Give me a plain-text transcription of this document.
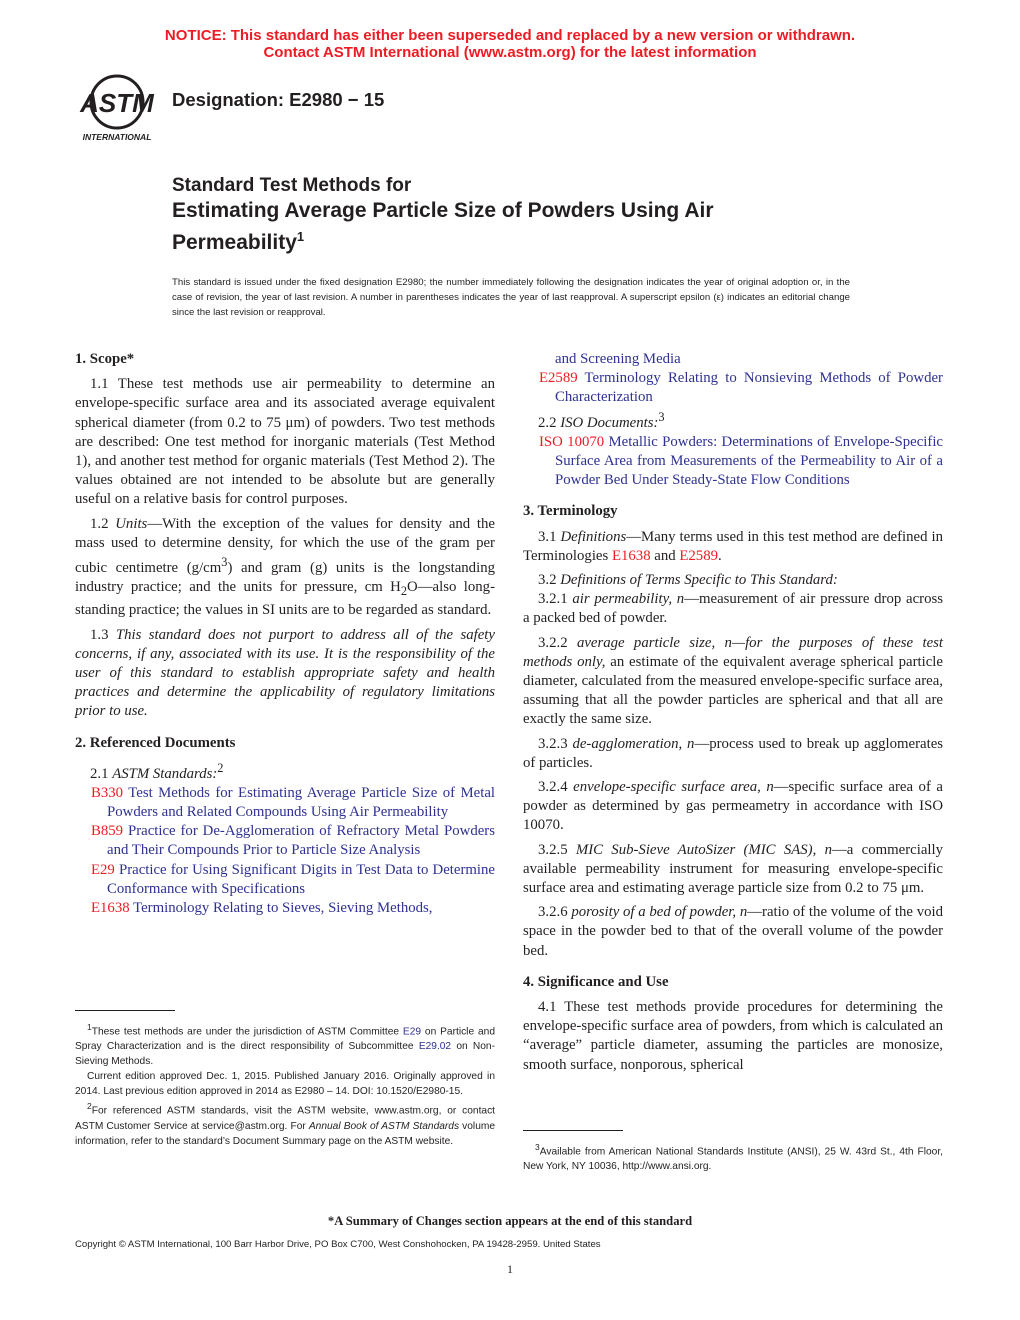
NOTICE: This standard has either been superseded and replaced by a new version or withdrawn.
Contact ASTM International (www.astm.org) for the latest information
ASTM
INTERNATIONAL
Designation: E2980 − 15
Standard Test Methods for
Estimating Average Particle Size of Powders Using Air Permeability$^1$
This standard is issued under the fixed designation E2980; the number immediately following the designation indicates the year of original adoption or, in the case of revision, the year of last revision. A number in parentheses indicates the year of last reapproval. A superscript epsilon (ε) indicates an editorial change since the last revision or reapproval.
1. Scope*

1.1 These test methods use air permeability to determine an envelope-specific surface area and its associated average equivalent spherical diameter (from 0.2 to 75 μm) of powders. Two test methods are described: One test method for inorganic materials (Test Method 1), and another test method for organic materials (Test Method 2). The values obtained are not intended to be absolute but are generally useful on a relative basis for control purposes.

1.2 Units—With the exception of the values for density and the mass used to determine density, for which the use of the gram per cubic centimetre $(g/cm^3)$ and gram (g) units is the longstanding industry practice; and the units for pressure, cm $H_2O—also$ long-standing practice; the values in SI units are to be regarded as standard.

1.3 This standard does not purport to address all of the safety concerns, if any, associated with its use. It is the responsibility of the user of this standard to establish appropriate safety and health practices and determine the applicability of regulatory limitations prior to use.

2. Referenced Documents

2.1 ASTM Standards:$^2$

B330 Test Methods for Estimating Average Particle Size of Metal Powders and Related Compounds Using Air Permeability

B859 Practice for De-Agglomeration of Refractory Metal Powders and Their Compounds Prior to Particle Size Analysis

E29 Practice for Using Significant Digits in Test Data to Determine Conformance with Specifications

E1638 Terminology Relating to Sieves, Sieving Methods,

$^1$These test methods are under the jurisdiction of ASTM Committee E29 on Particle and Spray Characterization and is the direct responsibility of Subcommittee E29.02 on Non-Sieving Methods.

Current edition approved Dec. 1, 2015. Published January 2016. Originally approved in 2014. Last previous edition approved in 2014 as E2980 – 14. DOI: 10.1520/E2980-15.

$^2$For referenced ASTM standards, visit the ASTM website, www.astm.org, or contact ASTM Customer Service at service@astm.org. For Annual Book of ASTM Standards volume information, refer to the standard’s Document Summary page on the ASTM website.

and Screening Media

E2589 Terminology Relating to Nonsieving Methods of Powder Characterization

2.2 ISO Documents:$^3$

ISO 10070 Metallic Powders: Determinations of Envelope-Specific Surface Area from Measurements of the Permeability to Air of a Powder Bed Under Steady-State Flow Conditions

3. Terminology

3.1 Definitions—Many terms used in this test method are defined in Terminologies E1638 and E2589.

3.2 Definitions of Terms Specific to This Standard:

3.2.1 air permeability, n—measurement of air pressure drop across a packed bed of powder.

3.2.2 average particle size, n—for the purposes of these test methods only, an estimate of the equivalent average spherical particle diameter, calculated from the measured envelope-specific surface area, assuming that all the powder particles are spherical and that all are exactly the same size.

3.2.3 de-agglomeration, n—process used to break up agglomerates of particles.

3.2.4 envelope-specific surface area, n—specific surface area of a powder as determined by gas permeametry in accordance with ISO 10070.

3.2.5 MIC Sub-Sieve AutoSizer (MIC SAS), n—a commercially available permeability instrument for measuring envelope-specific surface area and estimating average particle size from 0.2 to 75 μm.

3.2.6 porosity of a bed of powder, n—ratio of the volume of the void space in the powder bed to that of the overall volume of the powder bed.

4. Significance and Use

4.1 These test methods provide procedures for determining the envelope-specific surface area of powders, from which is calculated an “average” particle diameter, assuming the particles are monosize, smooth surface, nonporous, spherical

$^3$Available from American National Standards Institute (ANSI), 25 W. 43rd St., 4th Floor, New York, NY 10036, http://www.ansi.org.

*A Summary of Changes section appears at the end of this standard
Copyright © ASTM International, 100 Barr Harbor Drive, PO Box C700, West Conshohocken, PA 19428-2959. United States
1
